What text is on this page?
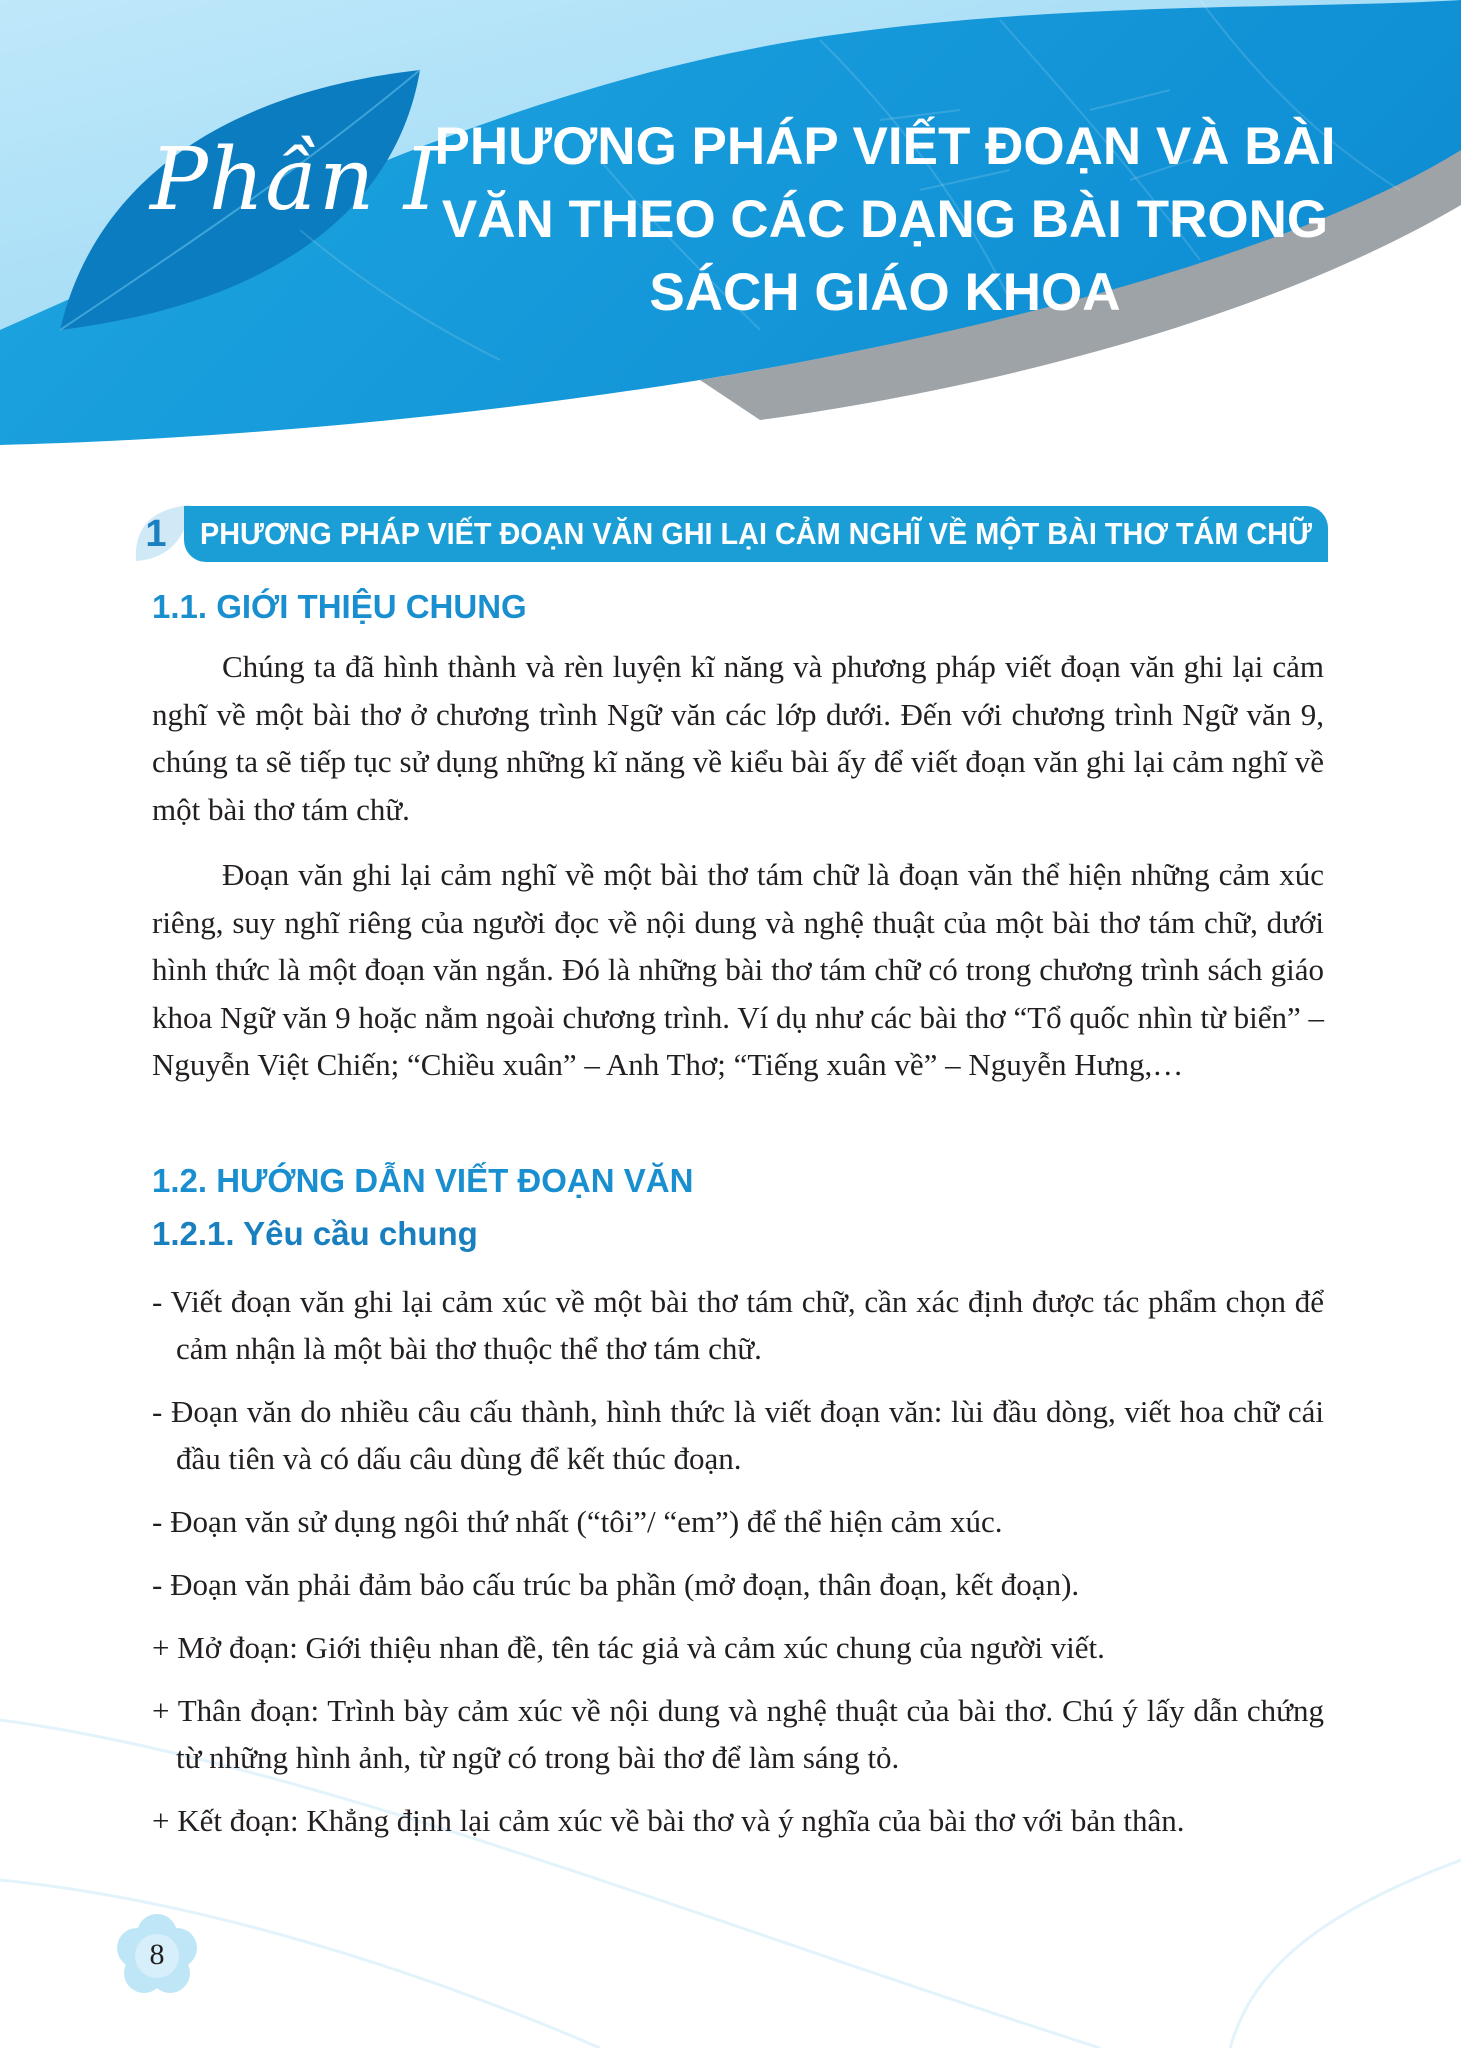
Phần I
PHƯƠNG PHÁP VIẾT ĐOẠN VÀ BÀI
VĂN THEO CÁC DẠNG BÀI TRONG
SÁCH GIÁO KHOA
1	PHƯƠNG PHÁP VIẾT ĐOẠN VĂN GHI LẠI CẢM NGHĨ VỀ MỘT BÀI THƠ TÁM CHỮ
1.1. GIỚI THIỆU CHUNG

Chúng ta đã hình thành và rèn luyện kĩ năng và phương pháp viết đoạn văn ghi lại cảm nghĩ về một bài thơ ở chương trình Ngữ văn các lớp dưới. Đến với chương trình Ngữ văn 9, chúng ta sẽ tiếp tục sử dụng những kĩ năng về kiểu bài ấy để viết đoạn văn ghi lại cảm nghĩ về một bài thơ tám chữ.

Đoạn văn ghi lại cảm nghĩ về một bài thơ tám chữ là đoạn văn thể hiện những cảm xúc riêng, suy nghĩ riêng của người đọc về nội dung và nghệ thuật của một bài thơ tám chữ, dưới hình thức là một đoạn văn ngắn. Đó là những bài thơ tám chữ có trong chương trình sách giáo khoa Ngữ văn 9 hoặc nằm ngoài chương trình. Ví dụ như các bài thơ “Tổ quốc nhìn từ biển” – Nguyễn Việt Chiến; “Chiều xuân” – Anh Thơ; “Tiếng xuân về” – Nguyễn Hưng,…

1.2. HƯỚNG DẪN VIẾT ĐOẠN VĂN
1.2.1. Yêu cầu chung
- Viết đoạn văn ghi lại cảm xúc về một bài thơ tám chữ, cần xác định được tác phẩm chọn để cảm nhận là một bài thơ thuộc thể thơ tám chữ.
- Đoạn văn do nhiều câu cấu thành, hình thức là viết đoạn văn: lùi đầu dòng, viết hoa chữ cái đầu tiên và có dấu câu dùng để kết thúc đoạn.
- Đoạn văn sử dụng ngôi thứ nhất (“tôi”/ “em”) để thể hiện cảm xúc.
- Đoạn văn phải đảm bảo cấu trúc ba phần (mở đoạn, thân đoạn, kết đoạn).
+ Mở đoạn: Giới thiệu nhan đề, tên tác giả và cảm xúc chung của người viết.
+ Thân đoạn: Trình bày cảm xúc về nội dung và nghệ thuật của bài thơ. Chú ý lấy dẫn chứng từ những hình ảnh, từ ngữ có trong bài thơ để làm sáng tỏ.
+ Kết đoạn: Khẳng định lại cảm xúc về bài thơ và ý nghĩa của bài thơ với bản thân.
8
